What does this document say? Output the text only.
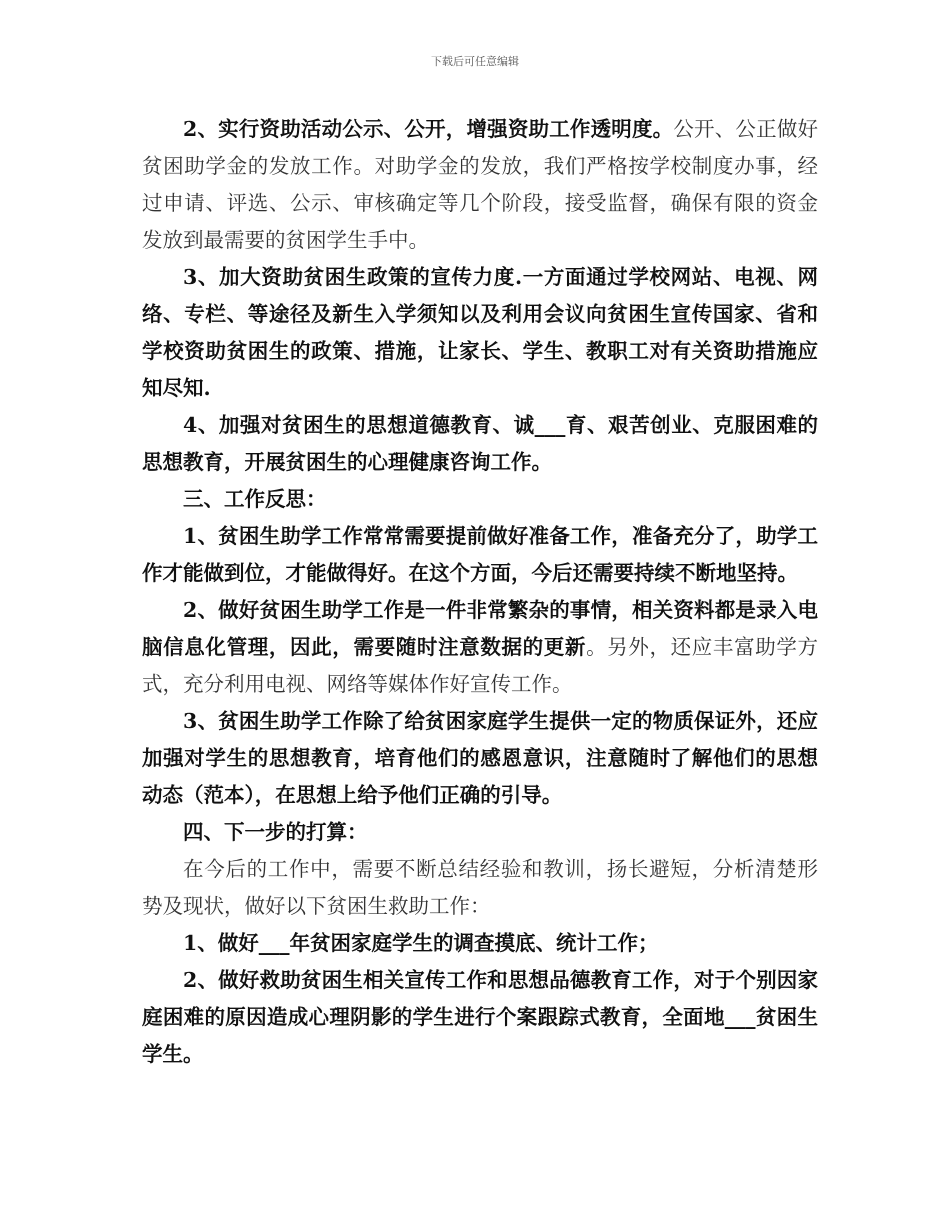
下载后可任意编辑

2、实行资助活动公示、公开，增强资助工作透明度。公开、公正做好贫困助学金的发放工作。对助学金的发放，我们严格按学校制度办事，经过申请、评选、公示、审核确定等几个阶段，接受监督，确保有限的资金发放到最需要的贫困学生手中。

3、加大资助贫困生政策的宣传力度.一方面通过学校网站、电视、网络、专栏、等途径及新生入学须知以及利用会议向贫困生宣传国家、省和学校资助贫困生的政策、措施，让家长、学生、教职工对有关资助措施应知尽知.

4、加强对贫困生的思想道德教育、诚___育、艰苦创业、克服困难的思想教育，开展贫困生的心理健康咨询工作。

三、工作反思：

1、贫困生助学工作常常需要提前做好准备工作，准备充分了，助学工作才能做到位，才能做得好。在这个方面，今后还需要持续不断地坚持。

2、做好贫困生助学工作是一件非常繁杂的事情，相关资料都是录入电脑信息化管理，因此，需要随时注意数据的更新。另外，还应丰富助学方式，充分利用电视、网络等媒体作好宣传工作。

3、贫困生助学工作除了给贫困家庭学生提供一定的物质保证外，还应加强对学生的思想教育，培育他们的感恩意识，注意随时了解他们的思想动态（范本），在思想上给予他们正确的引导。

四、下一步的打算：

在今后的工作中，需要不断总结经验和教训，扬长避短，分析清楚形势及现状，做好以下贫困生救助工作：

1、做好___年贫困家庭学生的调查摸底、统计工作；

2、做好救助贫困生相关宣传工作和思想品德教育工作，对于个别因家庭困难的原因造成心理阴影的学生进行个案跟踪式教育，全面地___贫困生学生。
